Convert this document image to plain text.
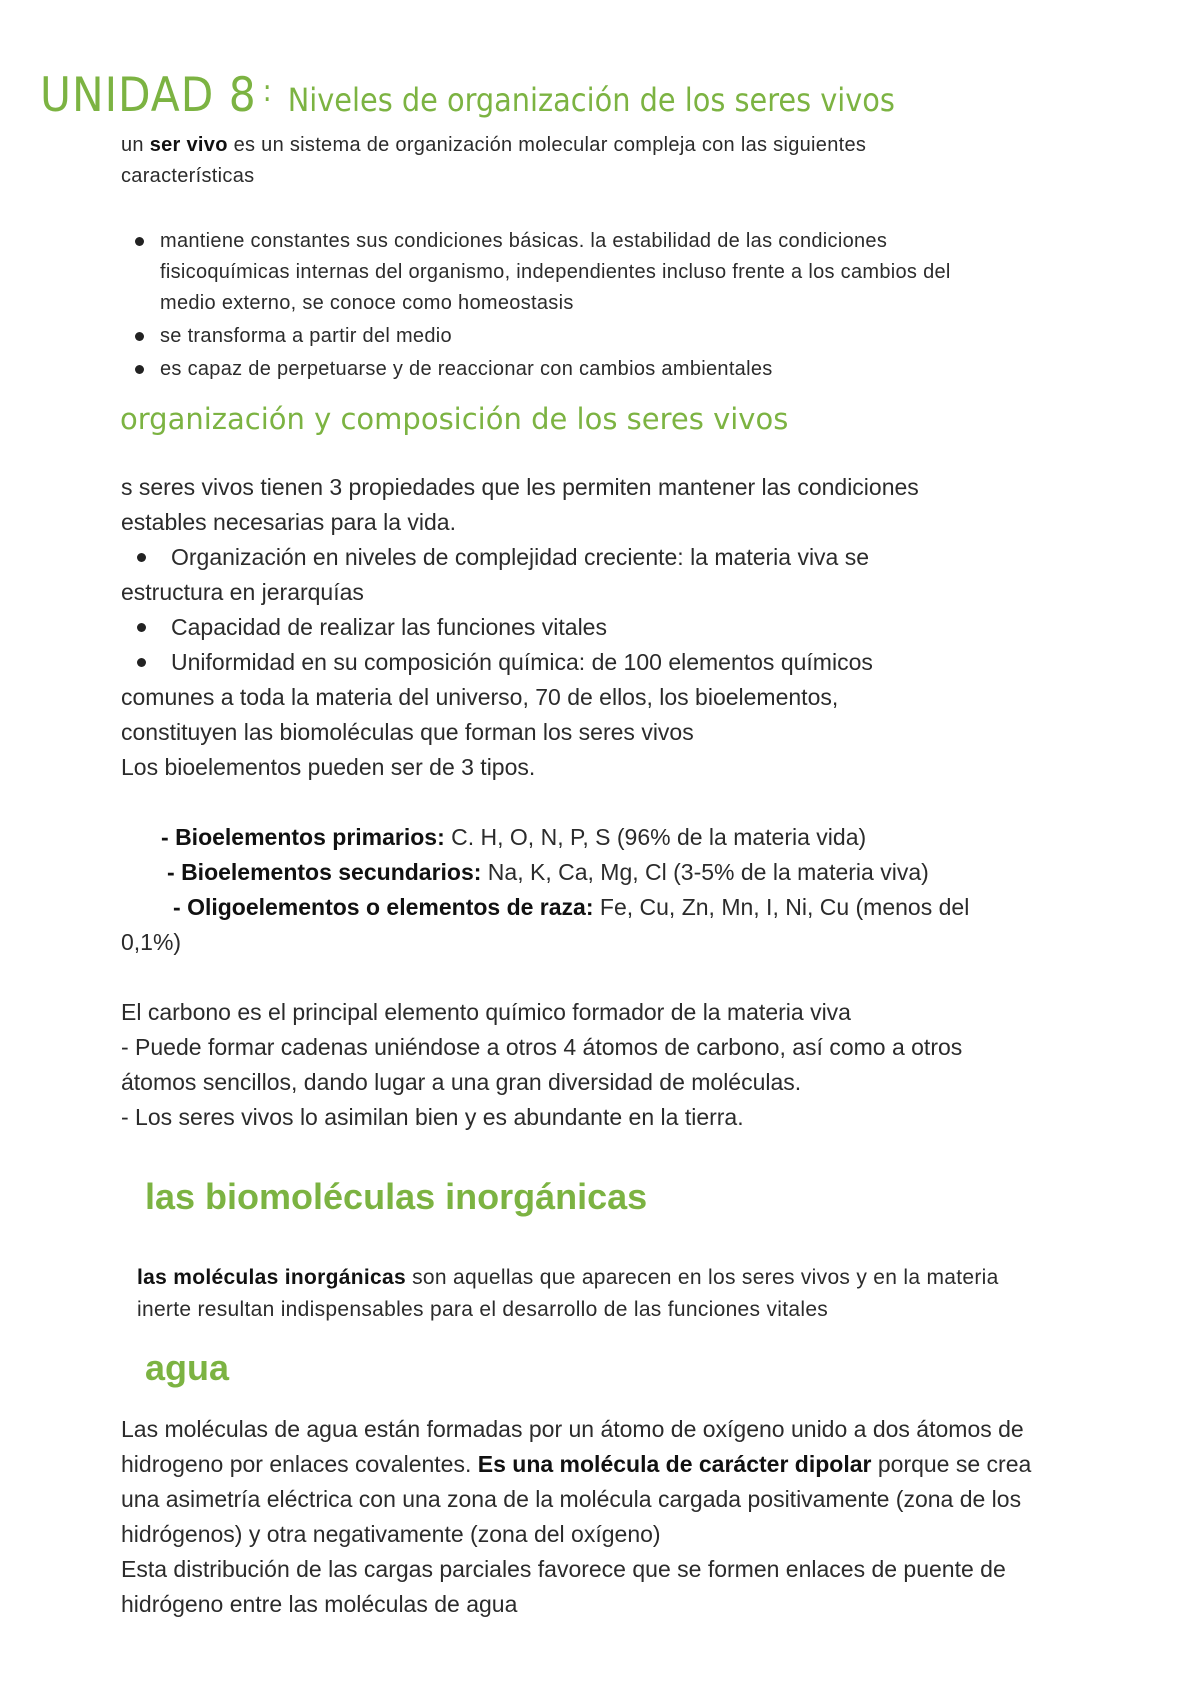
UNIDAD 8 : Niveles de organización de los seres vivos
un ser vivo es un sistema de organización molecular compleja con las siguientes
características
mantiene constantes sus condiciones básicas. la estabilidad de las condiciones
fisicoquímicas internas del organismo, independientes incluso frente a los cambios del
medio externo, se conoce como homeostasis
se transforma a partir del medio
es capaz de perpetuarse y de reaccionar con cambios ambientales
organización y composición de los seres vivos
s seres vivos tienen 3 propiedades que les permiten mantener las condiciones
estables necesarias para la vida.
Organización en niveles de complejidad creciente: la materia viva se
estructura en jerarquías
Capacidad de realizar las funciones vitales
Uniformidad en su composición química: de 100 elementos químicos
comunes a toda la materia del universo, 70 de ellos, los bioelementos,
constituyen las biomoléculas que forman los seres vivos
Los bioelementos pueden ser de 3 tipos.
- Bioelementos primarios: C. H, O, N, P, S (96% de la materia vida)
- Bioelementos secundarios: Na, K, Ca, Mg, Cl (3-5% de la materia viva)
- Oligoelementos o elementos de raza: Fe, Cu, Zn, Mn, I, Ni, Cu (menos del
0,1%)
El carbono es el principal elemento químico formador de la materia viva
- Puede formar cadenas uniéndose a otros 4 átomos de carbono, así como a otros
átomos sencillos, dando lugar a una gran diversidad de moléculas.
- Los seres vivos lo asimilan bien y es abundante en la tierra.
las biomoléculas inorgánicas
las moléculas inorgánicas son aquellas que aparecen en los seres vivos y en la materia
inerte resultan indispensables para el desarrollo de las funciones vitales
agua
Las moléculas de agua están formadas por un átomo de oxígeno unido a dos átomos de
hidrogeno por enlaces covalentes. Es una molécula de carácter dipolar porque se crea
una asimetría eléctrica con una zona de la molécula cargada positivamente (zona de los
hidrógenos) y otra negativamente (zona del oxígeno)
Esta distribución de las cargas parciales favorece que se formen enlaces de puente de
hidrógeno entre las moléculas de agua
